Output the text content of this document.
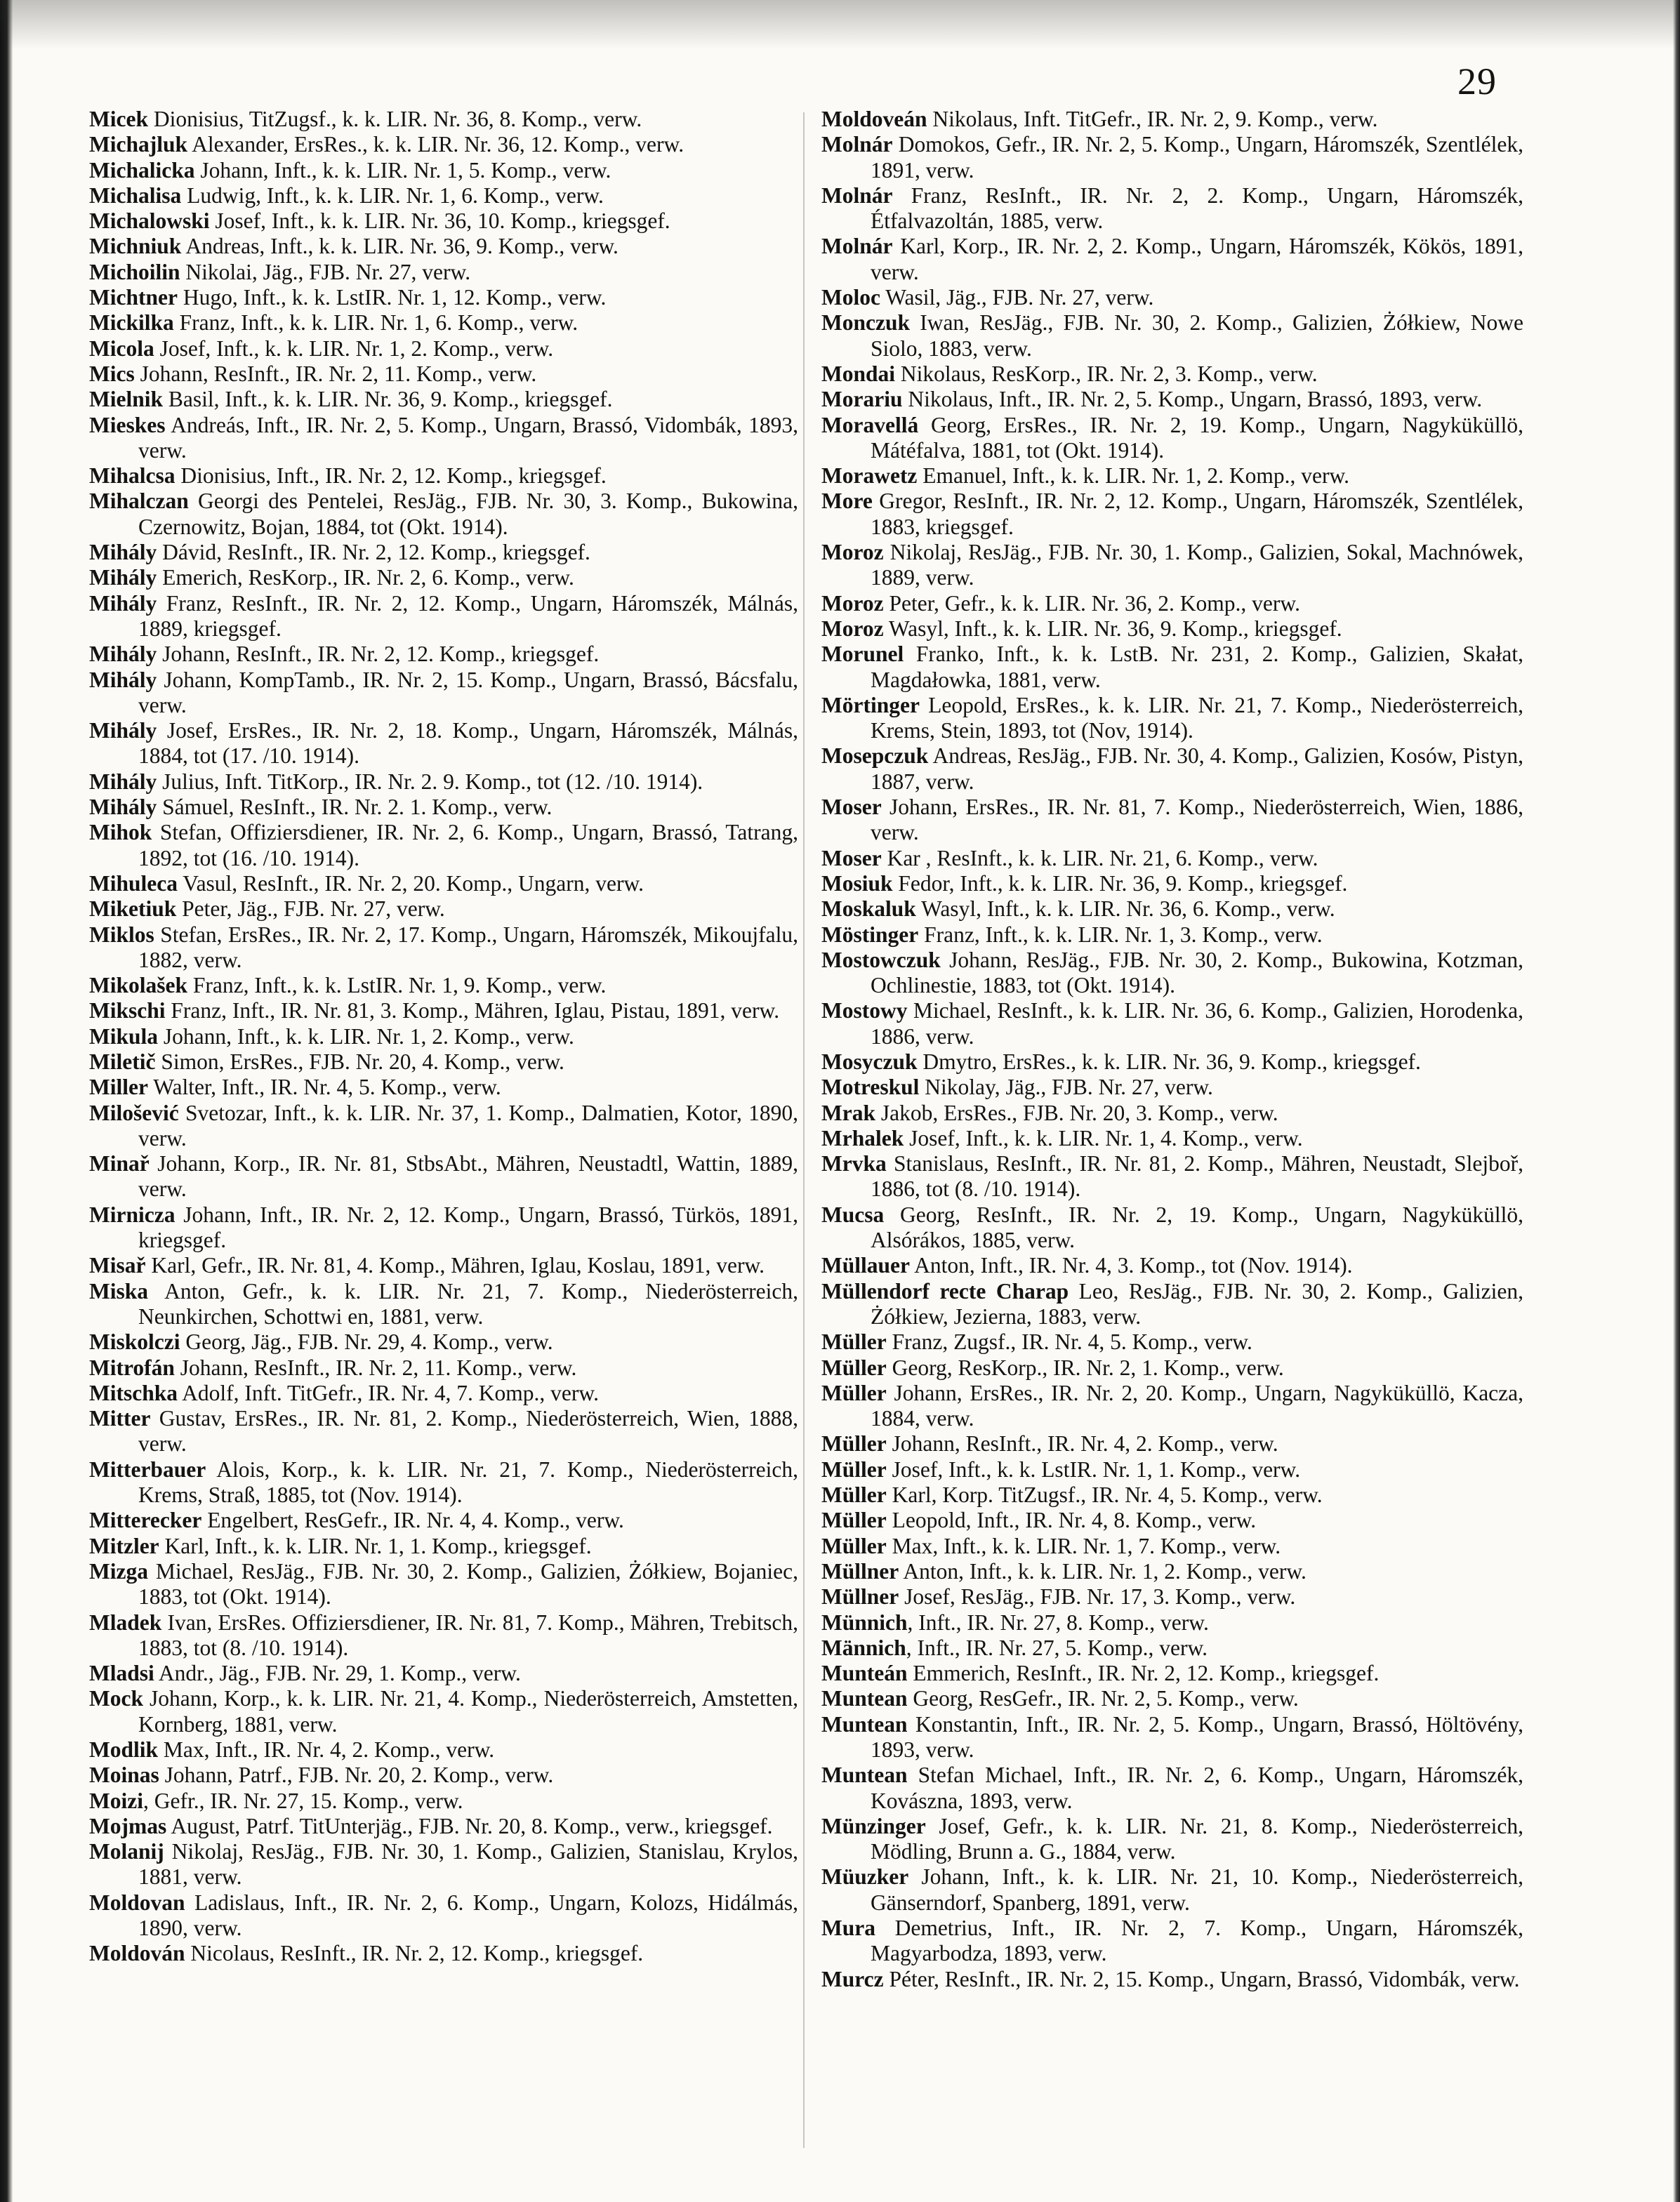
29

Micek Dionisius, TitZugsf., k. k. LIR. Nr. 36, 8. Komp., verw.

Michajluk Alexander, ErsRes., k. k. LIR. Nr. 36, 12. Komp., verw.

Michalicka Johann, Inft., k. k. LIR. Nr. 1, 5. Komp., verw.

Michalisa Ludwig, Inft., k. k. LIR. Nr. 1, 6. Komp., verw.

Michalowski Josef, Inft., k. k. LIR. Nr. 36, 10. Komp., kriegsgef.

Michniuk Andreas, Inft., k. k. LIR. Nr. 36, 9. Komp., verw.

Michoilin Nikolai, Jäg., FJB. Nr. 27, verw.

Michtner Hugo, Inft., k. k. LstIR. Nr. 1, 12. Komp., verw.

Mickilka Franz, Inft., k. k. LIR. Nr. 1, 6. Komp., verw.

Micola Josef, Inft., k. k. LIR. Nr. 1, 2. Komp., verw.

Mics Johann, ResInft., IR. Nr. 2, 11. Komp., verw.

Mielnik Basil, Inft., k. k. LIR. Nr. 36, 9. Komp., kriegsgef.

Mieskes Andreás, Inft., IR. Nr. 2, 5. Komp., Ungarn, Brassó, Vidombák, 1893, verw.

Mihalcsa Dionisius, Inft., IR. Nr. 2, 12. Komp., kriegsgef.

Mihalczan Georgi des Pentelei, ResJäg., FJB. Nr. 30, 3. Komp., Bukowina, Czernowitz, Bojan, 1884, tot (Okt. 1914).

Mihály Dávid, ResInft., IR. Nr. 2, 12. Komp., kriegsgef.

Mihály Emerich, ResKorp., IR. Nr. 2, 6. Komp., verw.

Mihály Franz, ResInft., IR. Nr. 2, 12. Komp., Ungarn, Háromszék, Málnás, 1889, kriegsgef.

Mihály Johann, ResInft., IR. Nr. 2, 12. Komp., kriegsgef.

Mihály Johann, KompTamb., IR. Nr. 2, 15. Komp., Ungarn, Brassó, Bácsfalu, verw.

Mihály Josef, ErsRes., IR. Nr. 2, 18. Komp., Ungarn, Háromszék, Málnás, 1884, tot (17. /10. 1914).

Mihály Julius, Inft. TitKorp., IR. Nr. 2. 9. Komp., tot (12. /10. 1914).

Mihály Sámuel, ResInft., IR. Nr. 2. 1. Komp., verw.

Mihok Stefan, Offiziersdiener, IR. Nr. 2, 6. Komp., Ungarn, Brassó, Tatrang, 1892, tot (16. /10. 1914).

Mihuleca Vasul, ResInft., IR. Nr. 2, 20. Komp., Ungarn, verw.

Miketiuk Peter, Jäg., FJB. Nr. 27, verw.

Miklos Stefan, ErsRes., IR. Nr. 2, 17. Komp., Ungarn, Háromszék, Mikoujfalu, 1882, verw.

Mikolašek Franz, Inft., k. k. LstIR. Nr. 1, 9. Komp., verw.

Mikschi Franz, Inft., IR. Nr. 81, 3. Komp., Mähren, Iglau, Pistau, 1891, verw.

Mikula Johann, Inft., k. k. LIR. Nr. 1, 2. Komp., verw.

Miletič Simon, ErsRes., FJB. Nr. 20, 4. Komp., verw.

Miller Walter, Inft., IR. Nr. 4, 5. Komp., verw.

Milošević Svetozar, Inft., k. k. LIR. Nr. 37, 1. Komp., Dalmatien, Kotor, 1890, verw.

Minař Johann, Korp., IR. Nr. 81, StbsAbt., Mähren, Neustadtl, Wattin, 1889, verw.

Mirnicza Johann, Inft., IR. Nr. 2, 12. Komp., Ungarn, Brassó, Türkös, 1891, kriegsgef.

Misař Karl, Gefr., IR. Nr. 81, 4. Komp., Mähren, Iglau, Koslau, 1891, verw.

Miska Anton, Gefr., k. k. LIR. Nr. 21, 7. Komp., Niederösterreich, Neunkirchen, Schottwi en, 1881, verw.

Miskolczi Georg, Jäg., FJB. Nr. 29, 4. Komp., verw.

Mitrofán Johann, ResInft., IR. Nr. 2, 11. Komp., verw.

Mitschka Adolf, Inft. TitGefr., IR. Nr. 4, 7. Komp., verw.

Mitter Gustav, ErsRes., IR. Nr. 81, 2. Komp., Niederösterreich, Wien, 1888, verw.

Mitterbauer Alois, Korp., k. k. LIR. Nr. 21, 7. Komp., Niederösterreich, Krems, Straß, 1885, tot (Nov. 1914).

Mitterecker Engelbert, ResGefr., IR. Nr. 4, 4. Komp., verw.

Mitzler Karl, Inft., k. k. LIR. Nr. 1, 1. Komp., kriegsgef.

Mizga Michael, ResJäg., FJB. Nr. 30, 2. Komp., Galizien, Żółkiew, Bojaniec, 1883, tot (Okt. 1914).

Mladek Ivan, ErsRes. Offiziersdiener, IR. Nr. 81, 7. Komp., Mähren, Trebitsch, 1883, tot (8. /10. 1914).

Mladsi Andr., Jäg., FJB. Nr. 29, 1. Komp., verw.

Mock Johann, Korp., k. k. LIR. Nr. 21, 4. Komp., Niederösterreich, Amstetten, Kornberg, 1881, verw.

Modlik Max, Inft., IR. Nr. 4, 2. Komp., verw.

Moinas Johann, Patrf., FJB. Nr. 20, 2. Komp., verw.

Moizi, Gefr., IR. Nr. 27, 15. Komp., verw.

Mojmas August, Patrf. TitUnterjäg., FJB. Nr. 20, 8. Komp., verw., kriegsgef.

Molanij Nikolaj, ResJäg., FJB. Nr. 30, 1. Komp., Galizien, Stanislau, Krylos, 1881, verw.

Moldovan Ladislaus, Inft., IR. Nr. 2, 6. Komp., Ungarn, Kolozs, Hidálmás, 1890, verw.

Moldován Nicolaus, ResInft., IR. Nr. 2, 12. Komp., kriegsgef.

Moldoveán Nikolaus, Inft. TitGefr., IR. Nr. 2, 9. Komp., verw.

Molnár Domokos, Gefr., IR. Nr. 2, 5. Komp., Ungarn, Háromszék, Szentlélek, 1891, verw.

Molnár Franz, ResInft., IR. Nr. 2, 2. Komp., Ungarn, Háromszék, Étfalvazoltán, 1885, verw.

Molnár Karl, Korp., IR. Nr. 2, 2. Komp., Ungarn, Háromszék, Kökös, 1891, verw.

Moloc Wasil, Jäg., FJB. Nr. 27, verw.

Monczuk Iwan, ResJäg., FJB. Nr. 30, 2. Komp., Galizien, Żółkiew, Nowe Siolo, 1883, verw.

Mondai Nikolaus, ResKorp., IR. Nr. 2, 3. Komp., verw.

Morariu Nikolaus, Inft., IR. Nr. 2, 5. Komp., Ungarn, Brassó, 1893, verw.

Moravellá Georg, ErsRes., IR. Nr. 2, 19. Komp., Ungarn, Nagyküküllö, Mátéfalva, 1881, tot (Okt. 1914).

Morawetz Emanuel, Inft., k. k. LIR. Nr. 1, 2. Komp., verw.

More Gregor, ResInft., IR. Nr. 2, 12. Komp., Ungarn, Háromszék, Szentlélek, 1883, kriegsgef.

Moroz Nikolaj, ResJäg., FJB. Nr. 30, 1. Komp., Galizien, Sokal, Machnówek, 1889, verw.

Moroz Peter, Gefr., k. k. LIR. Nr. 36, 2. Komp., verw.

Moroz Wasyl, Inft., k. k. LIR. Nr. 36, 9. Komp., kriegsgef.

Morunel Franko, Inft., k. k. LstB. Nr. 231, 2. Komp., Galizien, Skałat, Magdałowka, 1881, verw.

Mörtinger Leopold, ErsRes., k. k. LIR. Nr. 21, 7. Komp., Niederösterreich, Krems, Stein, 1893, tot (Nov, 1914).

Mosepczuk Andreas, ResJäg., FJB. Nr. 30, 4. Komp., Galizien, Kosów, Pistyn, 1887, verw.

Moser Johann, ErsRes., IR. Nr. 81, 7. Komp., Niederösterreich, Wien, 1886, verw.

Moser Kar , ResInft., k. k. LIR. Nr. 21, 6. Komp., verw.

Mosiuk Fedor, Inft., k. k. LIR. Nr. 36, 9. Komp., kriegsgef.

Moskaluk Wasyl, Inft., k. k. LIR. Nr. 36, 6. Komp., verw.

Möstinger Franz, Inft., k. k. LIR. Nr. 1, 3. Komp., verw.

Mostowczuk Johann, ResJäg., FJB. Nr. 30, 2. Komp., Bukowina, Kotzman, Ochlinestie, 1883, tot (Okt. 1914).

Mostowy Michael, ResInft., k. k. LIR. Nr. 36, 6. Komp., Galizien, Horodenka, 1886, verw.

Mosyczuk Dmytro, ErsRes., k. k. LIR. Nr. 36, 9. Komp., kriegsgef.

Motreskul Nikolay, Jäg., FJB. Nr. 27, verw.

Mrak Jakob, ErsRes., FJB. Nr. 20, 3. Komp., verw.

Mrhalek Josef, Inft., k. k. LIR. Nr. 1, 4. Komp., verw.

Mrvka Stanislaus, ResInft., IR. Nr. 81, 2. Komp., Mähren, Neustadt, Slejboř, 1886, tot (8. /10. 1914).

Mucsa Georg, ResInft., IR. Nr. 2, 19. Komp., Ungarn, Nagyküküllö, Alsórákos, 1885, verw.

Müllauer Anton, Inft., IR. Nr. 4, 3. Komp., tot (Nov. 1914).

Müllendorf recte Charap Leo, ResJäg., FJB. Nr. 30, 2. Komp., Galizien, Żółkiew, Jezierna, 1883, verw.

Müller Franz, Zugsf., IR. Nr. 4, 5. Komp., verw.

Müller Georg, ResKorp., IR. Nr. 2, 1. Komp., verw.

Müller Johann, ErsRes., IR. Nr. 2, 20. Komp., Ungarn, Nagyküküllö, Kacza, 1884, verw.

Müller Johann, ResInft., IR. Nr. 4, 2. Komp., verw.

Müller Josef, Inft., k. k. LstIR. Nr. 1, 1. Komp., verw.

Müller Karl, Korp. TitZugsf., IR. Nr. 4, 5. Komp., verw.

Müller Leopold, Inft., IR. Nr. 4, 8. Komp., verw.

Müller Max, Inft., k. k. LIR. Nr. 1, 7. Komp., verw.

Müllner Anton, Inft., k. k. LIR. Nr. 1, 2. Komp., verw.

Müllner Josef, ResJäg., FJB. Nr. 17, 3. Komp., verw.

Münnich, Inft., IR. Nr. 27, 8. Komp., verw.

Männich, Inft., IR. Nr. 27, 5. Komp., verw.

Munteán Emmerich, ResInft., IR. Nr. 2, 12. Komp., kriegsgef.

Muntean Georg, ResGefr., IR. Nr. 2, 5. Komp., verw.

Muntean Konstantin, Inft., IR. Nr. 2, 5. Komp., Ungarn, Brassó, Höltövény, 1893, verw.

Muntean Stefan Michael, Inft., IR. Nr. 2, 6. Komp., Ungarn, Háromszék, Kovászna, 1893, verw.

Münzinger Josef, Gefr., k. k. LIR. Nr. 21, 8. Komp., Niederösterreich, Mödling, Brunn a. G., 1884, verw.

Müuzker Johann, Inft., k. k. LIR. Nr. 21, 10. Komp., Niederösterreich, Gänserndorf, Spanberg, 1891, verw.

Mura Demetrius, Inft., IR. Nr. 2, 7. Komp., Ungarn, Háromszék, Magyarbodza, 1893, verw.

Murcz Péter, ResInft., IR. Nr. 2, 15. Komp., Ungarn, Brassó, Vidombák, verw.
